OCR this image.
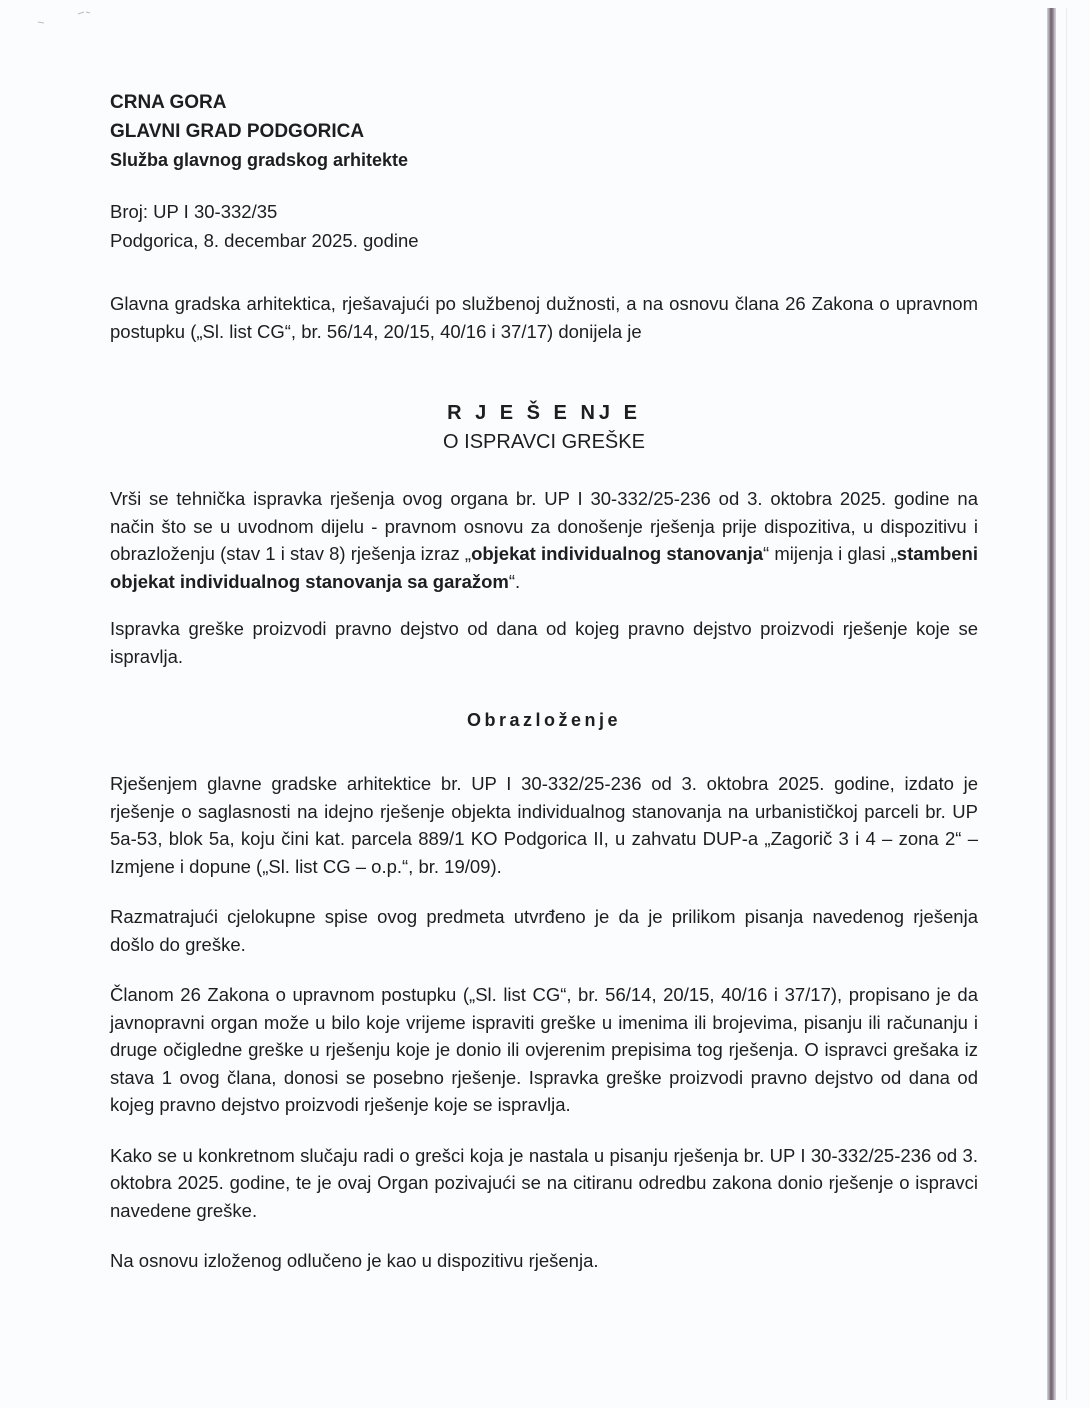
CRNA GORA
GLAVNI GRAD PODGORICA
Služba glavnog gradskog arhitekte
Broj: UP I 30-332/35
Podgorica, 8. decembar 2025. godine

Glavna gradska arhitektica, rješavajući po službenoj dužnosti, a na osnovu člana 26 Zakona o upravnom postupku („Sl. list CG“, br. 56/14, 20/15, 40/16 i 37/17) donijela je

R J E Š E NJ E
O ISPRAVCI GREŠKE

Vrši se tehnička ispravka rješenja ovog organa br. UP I 30-332/25-236 od 3. oktobra 2025. godine na način što se u uvodnom dijelu - pravnom osnovu za donošenje rješenja prije dispozitiva, u dispozitivu i obrazloženju (stav 1 i stav 8) rješenja izraz „objekat individualnog stanovanja“ mijenja i glasi „stambeni objekat individualnog stanovanja sa garažom“.

Ispravka greške proizvodi pravno dejstvo od dana od kojeg pravno dejstvo proizvodi rješenje koje se ispravlja.

Obrazloženje

Rješenjem glavne gradske arhitektice br. UP I 30-332/25-236 od 3. oktobra 2025. godine, izdato je rješenje o saglasnosti na idejno rješenje objekta individualnog stanovanja na urbanističkoj parceli br. UP 5a-53, blok 5a, koju čini kat. parcela 889/1 KO Podgorica II, u zahvatu DUP-a „Zagorič 3 i 4 – zona 2“ – Izmjene i dopune („Sl. list CG – o.p.“, br. 19/09).

Razmatrajući cjelokupne spise ovog predmeta utvrđeno je da je prilikom pisanja navedenog rješenja došlo do greške.

Članom 26 Zakona o upravnom postupku („Sl. list CG“, br. 56/14, 20/15, 40/16 i 37/17), propisano je da javnopravni organ može u bilo koje vrijeme ispraviti greške u imenima ili brojevima, pisanju ili računanju i druge očigledne greške u rješenju koje je donio ili ovjerenim prepisima tog rješenja. O ispravci grešaka iz stava 1 ovog člana, donosi se posebno rješenje. Ispravka greške proizvodi pravno dejstvo od dana od kojeg pravno dejstvo proizvodi rješenje koje se ispravlja.

Kako se u konkretnom slučaju radi o grešci koja je nastala u pisanju rješenja br. UP I 30-332/25-236 od 3. oktobra 2025. godine, te je ovaj Organ pozivajući se na citiranu odredbu zakona donio rješenje o ispravci navedene greške.

Na osnovu izloženog odlučeno je kao u dispozitivu rješenja.
